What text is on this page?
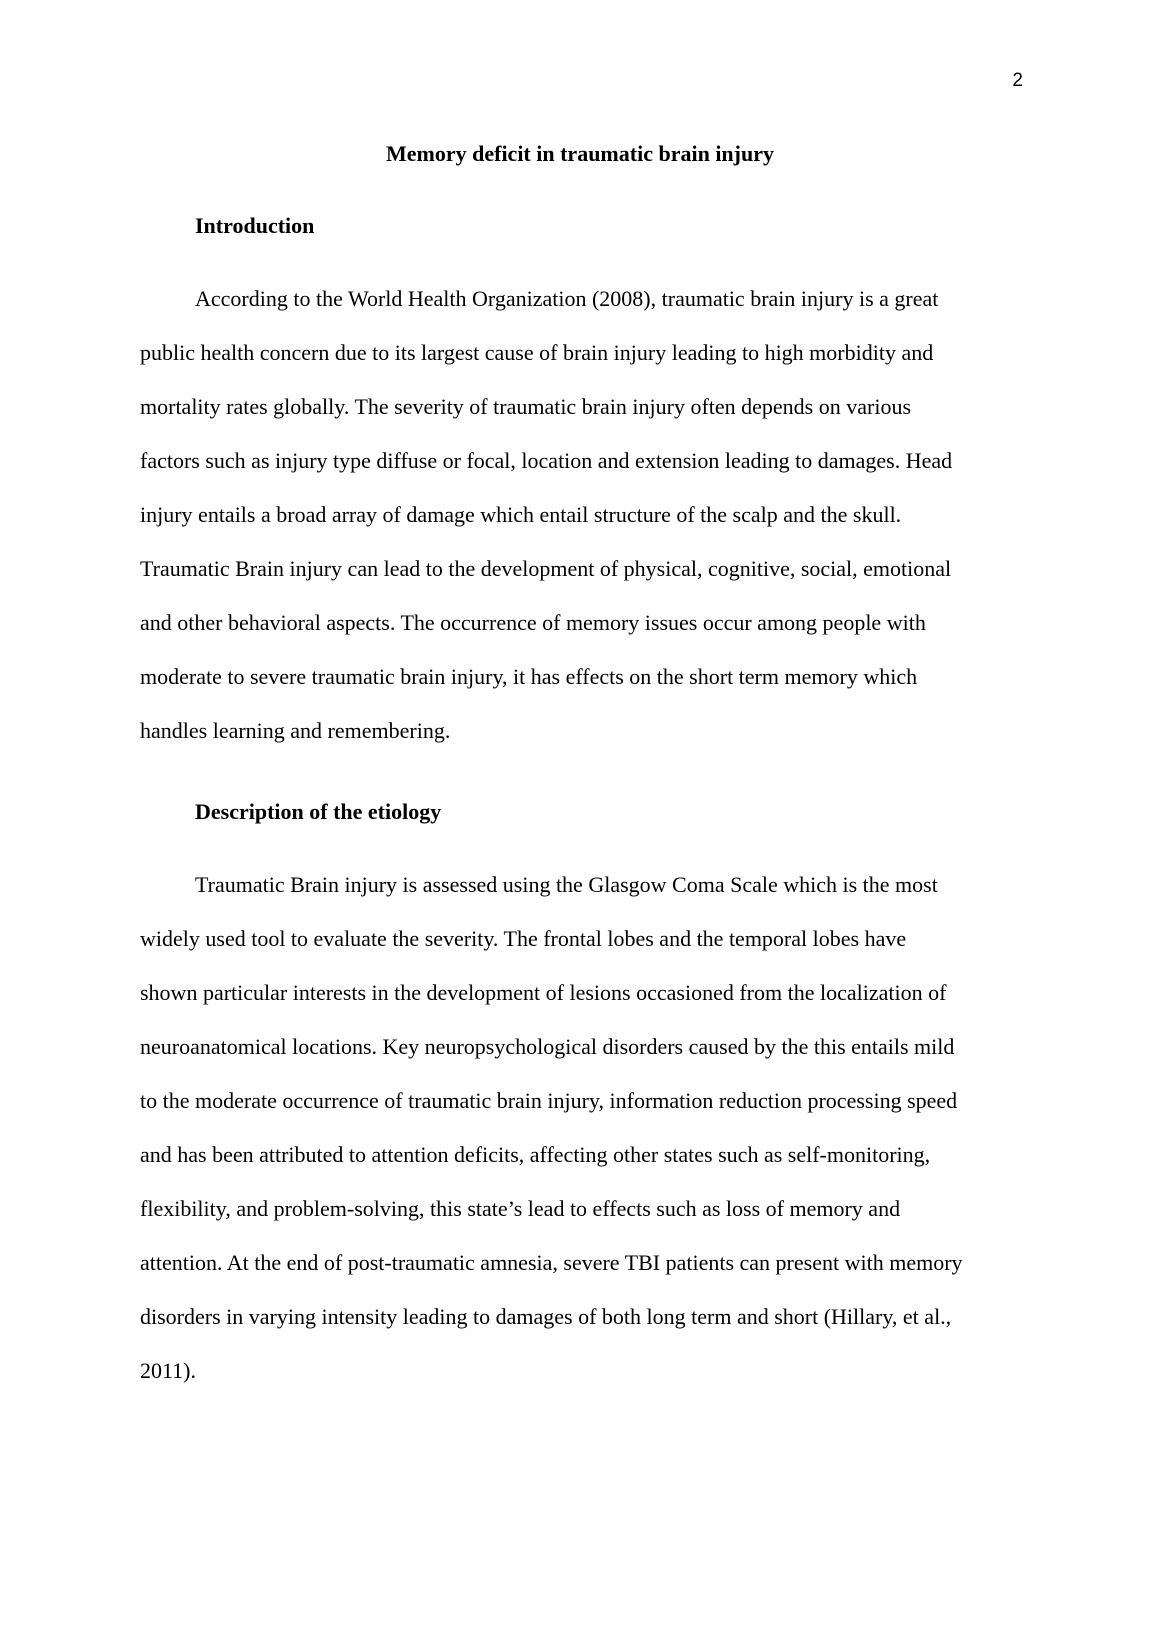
2
Memory deficit in traumatic brain injury
Introduction

According to the World Health Organization (2008), traumatic brain injury is a great
public health concern due to its largest cause of brain injury leading to high morbidity and
mortality rates globally. The severity of traumatic brain injury often depends on various
factors such as injury type diffuse or focal, location and extension leading to damages. Head
injury entails a broad array of damage which entail structure of the scalp and the skull.
Traumatic Brain injury can lead to the development of physical, cognitive, social, emotional
and other behavioral aspects. The occurrence of memory issues occur among people with
moderate to severe traumatic brain injury, it has effects on the short term memory which
handles learning and remembering.

Description of the etiology

Traumatic Brain injury is assessed using the Glasgow Coma Scale which is the most
widely used tool to evaluate the severity. The frontal lobes and the temporal lobes have
shown particular interests in the development of lesions occasioned from the localization of
neuroanatomical locations. Key neuropsychological disorders caused by the this entails mild
to the moderate occurrence of traumatic brain injury, information reduction processing speed
and has been attributed to attention deficits, affecting other states such as self-monitoring,
flexibility, and problem-solving, this state’s lead to effects such as loss of memory and
attention. At the end of post-traumatic amnesia, severe TBI patients can present with memory
disorders in varying intensity leading to damages of both long term and short (Hillary, et al.,
2011).
